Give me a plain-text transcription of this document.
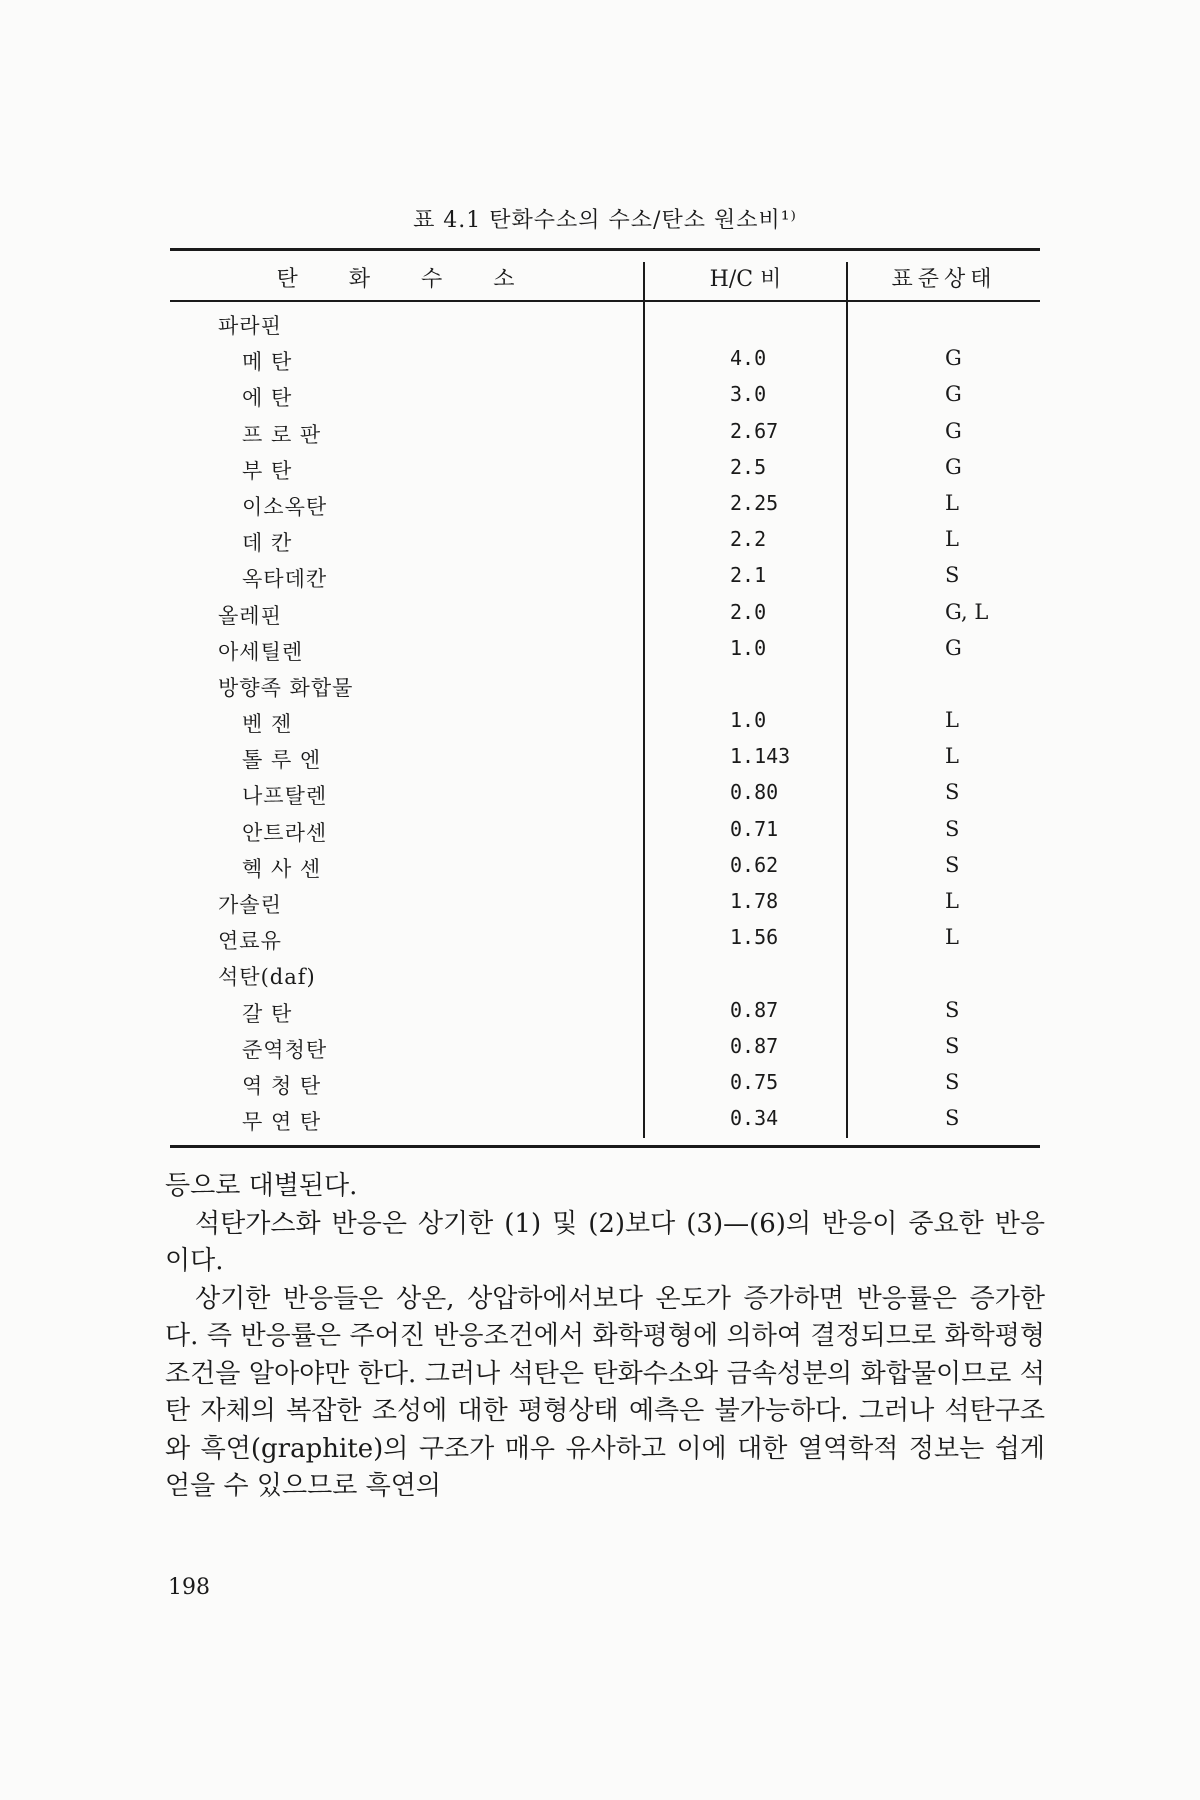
표 4.1 탄화수소의 수소/탄소 원소비¹⁾
탄 화 수 소	H/C 비	표준상태
파라핀
메 탄	4.0	G
에 탄	3.0	G
프 로 판	2.67	G
부 탄	2.5	G
이소옥탄	2.25	L
데 칸	2.2	L
옥타데칸	2.1	S
올레핀	2.0	G, L
아세틸렌	1.0	G
방향족 화합물
벤 젠	1.0	L
톨 루 엔	1.143	L
나프탈렌	0.80	S
안트라센	0.71	S
헥 사 센	0.62	S
가솔린	1.78	L
연료유	1.56	L
석탄(daf)
갈 탄	0.87	S
준역청탄	0.87	S
역 청 탄	0.75	S
무 연 탄	0.34	S

등으로 대별된다.

석탄가스화 반응은 상기한 (1) 및 (2)보다 (3)—(6)의 반응이 중요한 반응이다.

상기한 반응들은 상온, 상압하에서보다 온도가 증가하면 반응률은 증가한다. 즉 반응률은 주어진 반응조건에서 화학평형에 의하여 결정되므로 화학평형조건을 알아야만 한다. 그러나 석탄은 탄화수소와 금속성분의 화합물이므로 석탄 자체의 복잡한 조성에 대한 평형상태 예측은 불가능하다. 그러나 석탄구조와 흑연(graphite)의 구조가 매우 유사하고 이에 대한 열역학적 정보는 쉽게 얻을 수 있으므로 흑연의

198
